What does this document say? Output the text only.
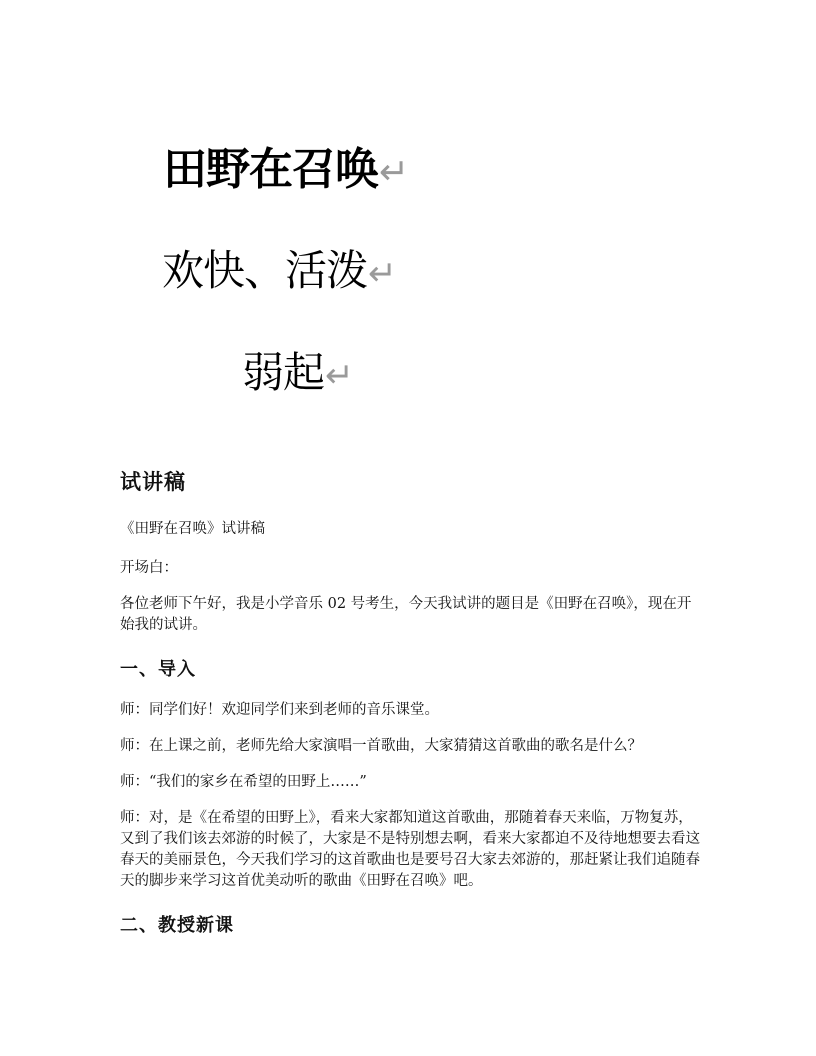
田野在召唤↵
欢快、活泼↵
弱起↵
试讲稿

《田野在召唤》试讲稿

开场白：

各位老师下午好，我是小学音乐 02 号考生，今天我试讲的题目是《田野在召唤》，现在开始我的试讲。

一、导入

师：同学们好！欢迎同学们来到老师的音乐课堂。

师：在上课之前，老师先给大家演唱一首歌曲，大家猜猜这首歌曲的歌名是什么？

师：“我们的家乡在希望的田野上……”

师：对，是《在希望的田野上》，看来大家都知道这首歌曲，那随着春天来临，万物复苏，又到了我们该去郊游的时候了，大家是不是特别想去啊，看来大家都迫不及待地想要去看这春天的美丽景色，今天我们学习的这首歌曲也是要号召大家去郊游的，那赶紧让我们追随春天的脚步来学习这首优美动听的歌曲《田野在召唤》吧。

二、教授新课
